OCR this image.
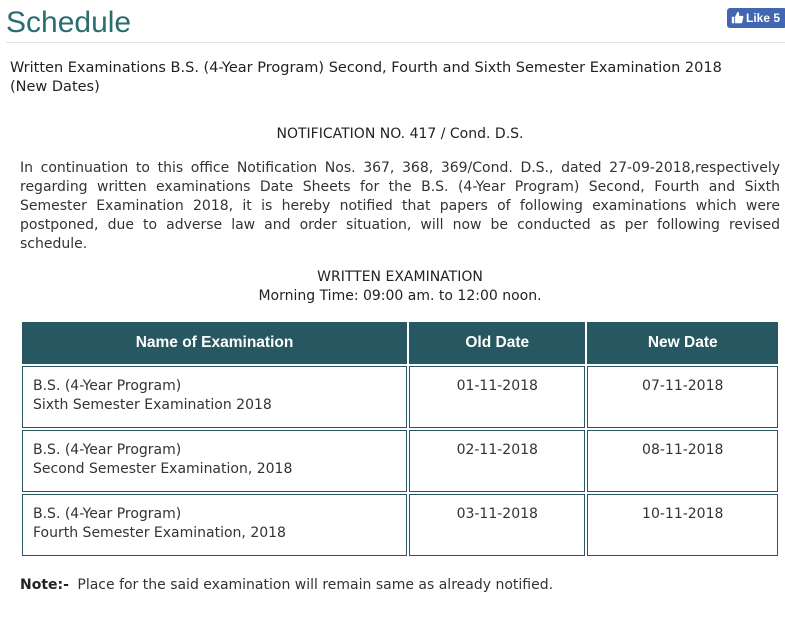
Schedule	Like 5
Written Examinations B.S. (4-Year Program) Second, Fourth and Sixth Semester Examination 2018 (New Dates)

NOTIFICATION NO. 417 / Cond. D.S.

In continuation to this office Notification Nos. 367, 368, 369/Cond. D.S., dated 27-09-2018,respectively regarding written examinations Date Sheets for the B.S. (4-Year Program) Second, Fourth and Sixth Semester Examination 2018, it is hereby notified that papers of following examinations which were postponed, due to adverse law and order situation, will now be conducted as per following revised schedule.

WRITTEN EXAMINATION
Morning Time: 09:00 am. to 12:00 noon.
Name of Examination	Old Date	New Date

B.S. (4-Year Program)
Sixth Semester Examination 2018	01-11-2018	07-11-2018

B.S. (4-Year Program)
Second Semester Examination, 2018	02-11-2018	08-11-2018

B.S. (4-Year Program)
Fourth Semester Examination, 2018	03-11-2018	10-11-2018

Note:- Place for the said examination will remain same as already notified.
